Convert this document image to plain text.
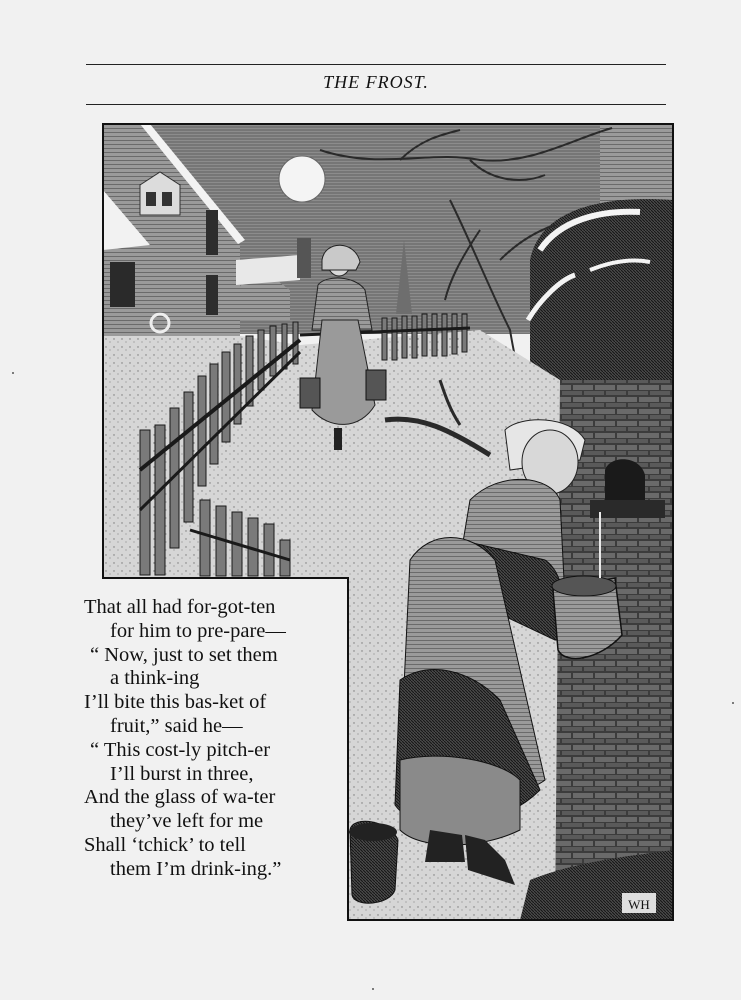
THE FROST.
WH
That all had for-got-ten
for him to pre-pare—
“ Now, just to set them
a think-ing
I’ll bite this bas-ket of
fruit,” said he—
“ This cost-ly pitch-er
I’ll burst in three,
And the glass of wa-ter
they’ve left for me
Shall ‘tchick’ to tell
them I’m drink-ing.”
